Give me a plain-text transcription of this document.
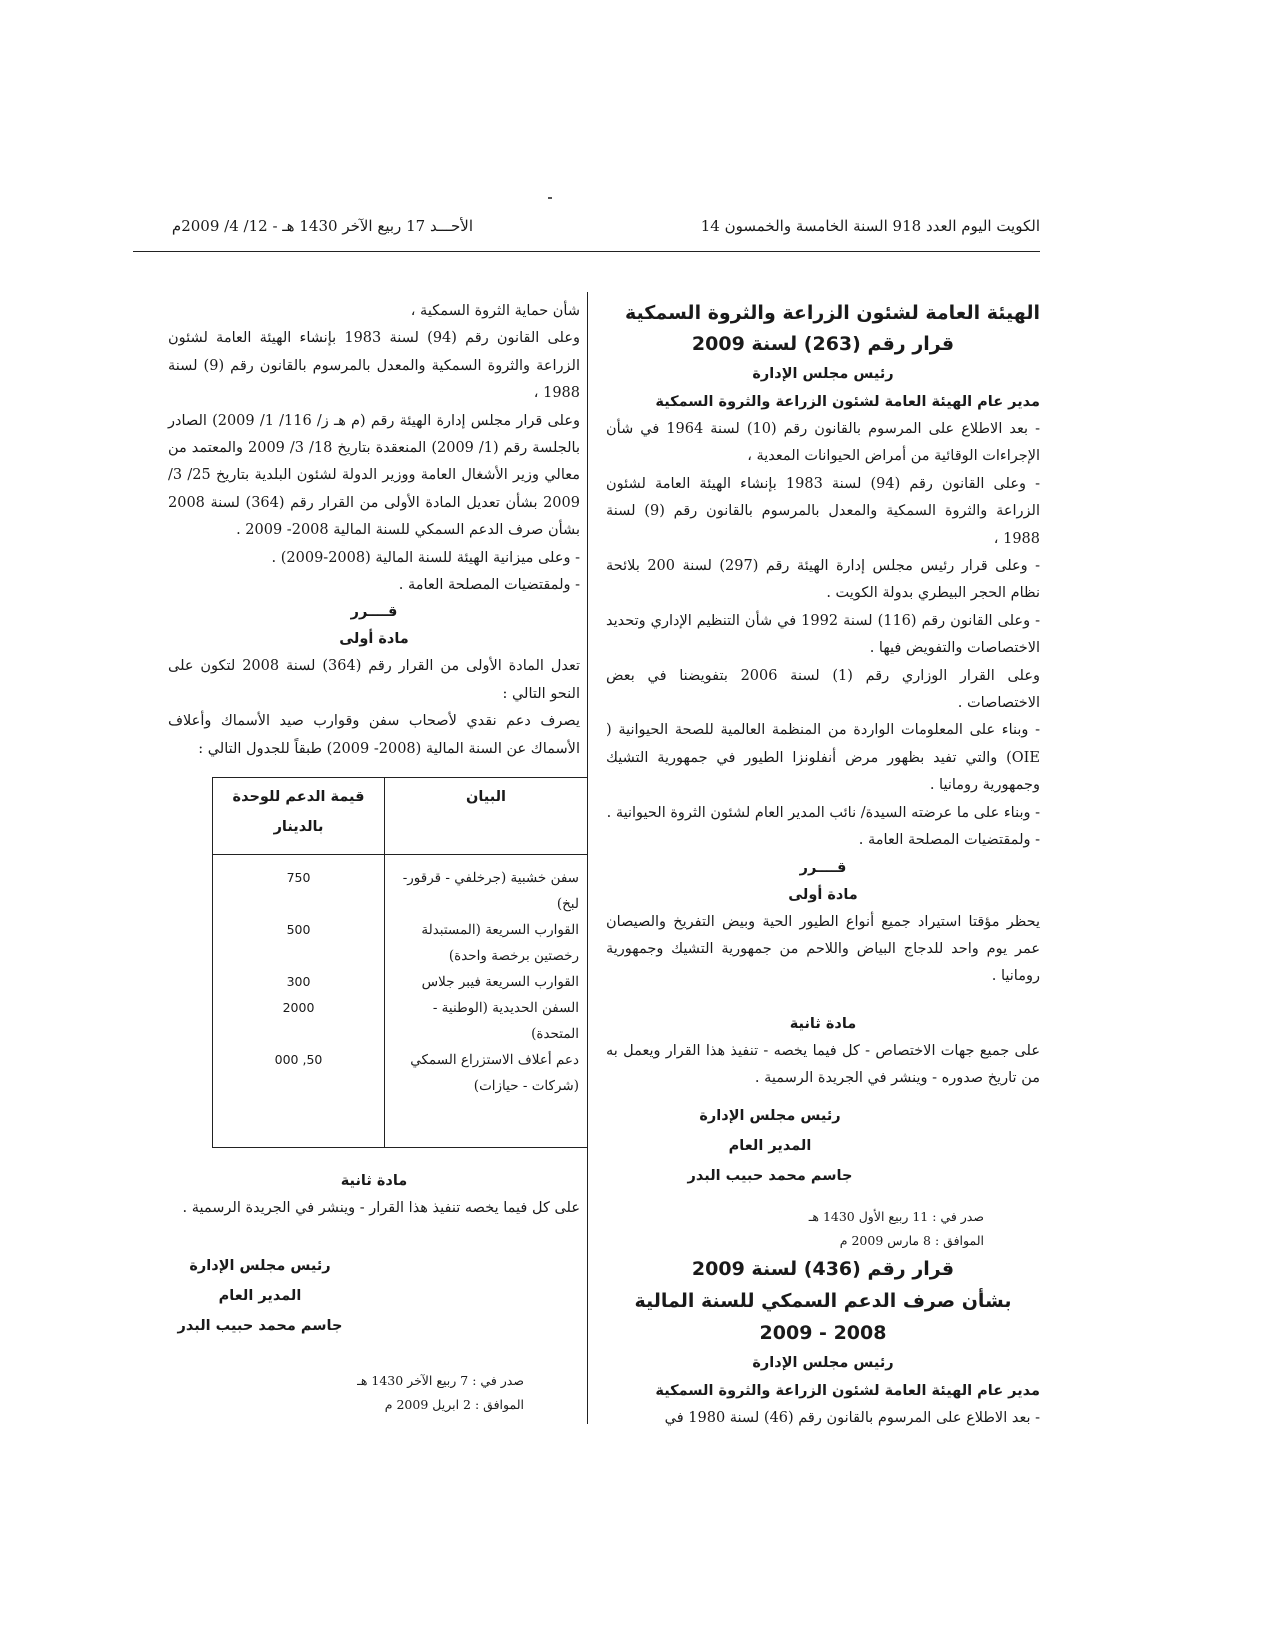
الكويت اليوم العدد 918 السنة الخامسة والخمسون 14
الأحـــد 17 ربيع الآخر 1430 هـ - 12/ 4/ 2009م
الهيئة العامة لشئون الزراعة والثروة السمكية
قرار رقم (263) لسنة 2009
رئيس مجلس الإدارة
مدير عام الهيئة العامة لشئون الزراعة والثروة السمكية

- بعد الاطلاع على المرسوم بالقانون رقم (10) لسنة 1964 في شأن الإجراءات الوقائية من أمراض الحيوانات المعدية ،

- وعلى القانون رقم (94) لسنة 1983 بإنشاء الهيئة العامة لشئون الزراعة والثروة السمكية والمعدل بالمرسوم بالقانون رقم (9) لسنة 1988 ،

- وعلى قرار رئيس مجلس إدارة الهيئة رقم (297) لسنة 200 بلائحة نظام الحجر البيطري بدولة الكويت .

- وعلى القانون رقم (116) لسنة 1992 في شأن التنظيم الإداري وتحديد الاختصاصات والتفويض فيها .

وعلى القرار الوزاري رقم (1) لسنة 2006 بتفويضنا في بعض الاختصاصات .

- وبناء على المعلومات الواردة من المنظمة العالمية للصحة الحيوانية ( OIE) والتي تفيد بظهور مرض أنفلونزا الطيور في جمهورية التشيك وجمهورية رومانيا .

- وبناء على ما عرضته السيدة/ نائب المدير العام لشئون الثروة الحيوانية .

- ولمقتضيات المصلحة العامة .

قــــرر
مادة أولى

يحظر مؤقتا استيراد جميع أنواع الطيور الحية وبيض التفريخ والصيصان عمر يوم واحد للدجاج البياض واللاحم من جمهورية التشيك وجمهورية رومانيا .

مادة ثانية

على جميع جهات الاختصاص - كل فيما يخصه - تنفيذ هذا القرار ويعمل به من تاريخ صدوره - وينشر في الجريدة الرسمية .

رئيس مجلس الإدارة
المدير العام
جاسم محمد حبيب البدر
صدر في : 11 ربيع الأول 1430 هـ
الموافق : 8 مارس 2009 م
قرار رقم (436) لسنة 2009
بشأن صرف الدعم السمكي للسنة المالية 2008 - 2009
رئيس مجلس الإدارة
مدير عام الهيئة العامة لشئون الزراعة والثروة السمكية

- بعد الاطلاع على المرسوم بالقانون رقم (46) لسنة 1980 في

شأن حماية الثروة السمكية ،

وعلى القانون رقم (94) لسنة 1983 بإنشاء الهيئة العامة لشئون الزراعة والثروة السمكية والمعدل بالمرسوم بالقانون رقم (9) لسنة 1988 ،

وعلى قرار مجلس إدارة الهيئة رقم (م هـ ز/ 116/ 1/ 2009) الصادر بالجلسة رقم (1/ 2009) المنعقدة بتاريخ 18/ 3/ 2009 والمعتمد من معالي وزير الأشغال العامة ووزير الدولة لشئون البلدية بتاريخ 25/ 3/ 2009 بشأن تعديل المادة الأولى من القرار رقم (364) لسنة 2008 بشأن صرف الدعم السمكي للسنة المالية 2008- 2009 .

- وعلى ميزانية الهيئة للسنة المالية (2008-2009) .

- ولمقتضيات المصلحة العامة .

قــــرر
مادة أولى

تعدل المادة الأولى من القرار رقم (364) لسنة 2008 لتكون على النحو التالي :

يصرف دعم نقدي لأصحاب سفن وقوارب صيد الأسماك وأعلاف الأسماك عن السنة المالية (2008- 2009) طبقاً للجدول التالي :

البيان	قيمة الدعم للوحدة بالدينار
سفن خشبية (جرخلفي - قرقور- لبخ)	750
القوارب السريعة (المستبدلة رخصتين برخصة واحدة)	500
القوارب السريعة فيبر جلاس	300
السفن الحديدية (الوطنية - المتحدة)	2000
دعم أعلاف الاستزراع السمكي (شركات - حيازات)	50, 000
مادة ثانية

على كل فيما يخصه تنفيذ هذا القرار - وينشر في الجريدة الرسمية .

رئيس مجلس الإدارة
المدير العام
جاسم محمد حبيب البدر
صدر في : 7 ربيع الآخر 1430 هـ
الموافق : 2 ابريل 2009 م
